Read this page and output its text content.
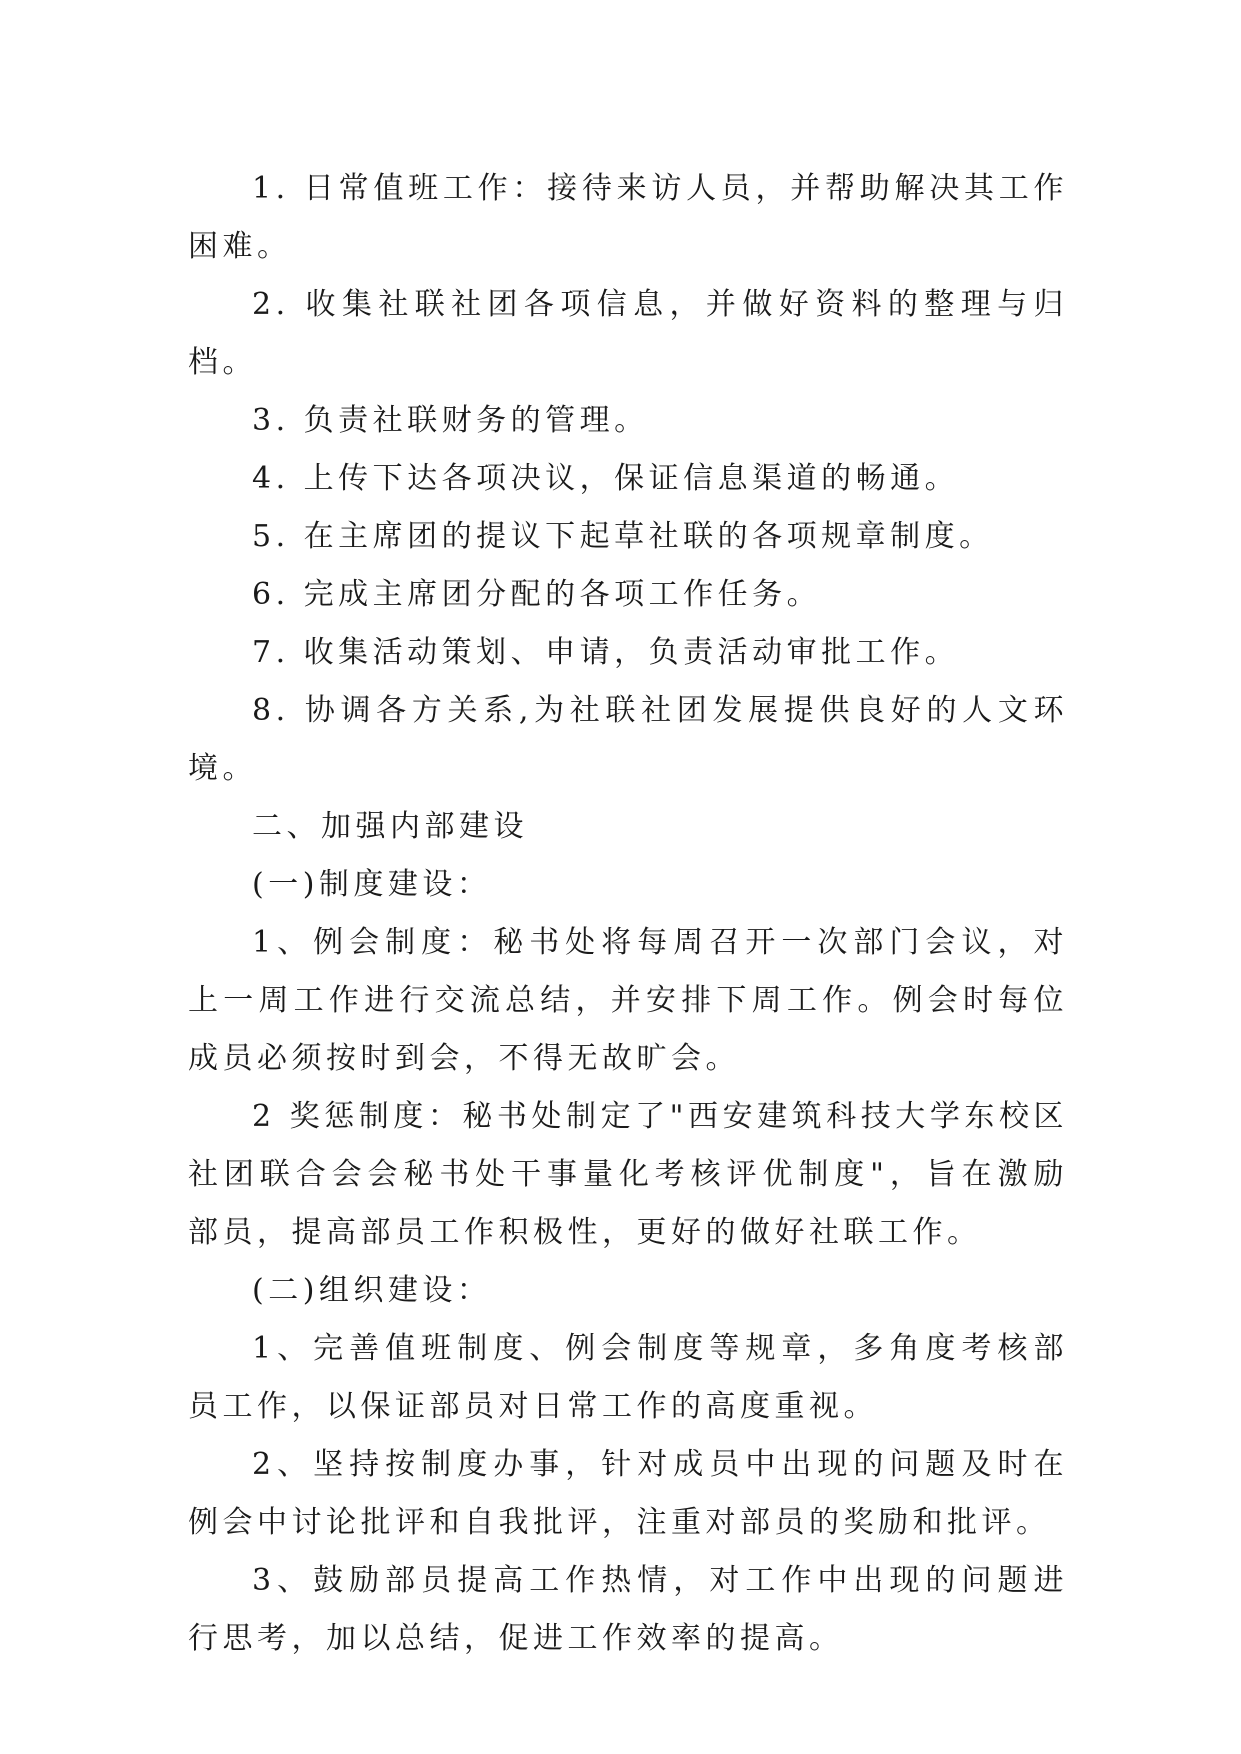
1. 日常值班工作：接待来访人员，并帮助解决其工作困难。

2. 收集社联社团各项信息，并做好资料的整理与归档。

3. 负责社联财务的管理。

4. 上传下达各项决议，保证信息渠道的畅通。

5. 在主席团的提议下起草社联的各项规章制度。

6. 完成主席团分配的各项工作任务。

7. 收集活动策划、申请，负责活动审批工作。

8. 协调各方关系,为社联社团发展提供良好的人文环境。

二、加强内部建设

(一)制度建设：

1、例会制度：秘书处将每周召开一次部门会议，对上一周工作进行交流总结，并安排下周工作。例会时每位成员必须按时到会，不得无故旷会。

2 奖惩制度：秘书处制定了"西安建筑科技大学东校区社团联合会会秘书处干事量化考核评优制度"，旨在激励部员，提高部员工作积极性，更好的做好社联工作。

(二)组织建设：

1、完善值班制度、例会制度等规章，多角度考核部员工作，以保证部员对日常工作的高度重视。

2、坚持按制度办事，针对成员中出现的问题及时在例会中讨论批评和自我批评，注重对部员的奖励和批评。

3、鼓励部员提高工作热情，对工作中出现的问题进行思考，加以总结，促进工作效率的提高。
